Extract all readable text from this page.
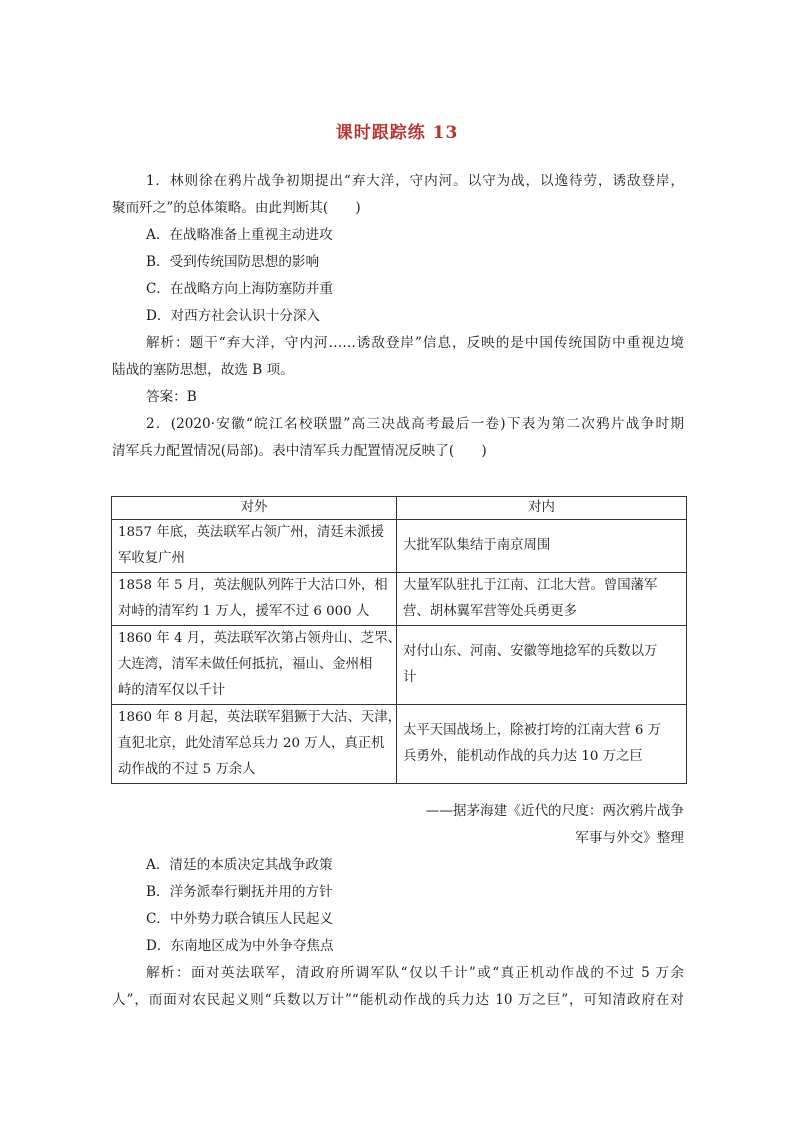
课时跟踪练 13
1．林则徐在鸦片战争初期提出“弃大洋，守内河。以守为战，以逸待劳，诱敌登岸，
聚而歼之”的总体策略。由此判断其(　　)
A．在战略准备上重视主动进攻
B．受到传统国防思想的影响
C．在战略方向上海防塞防并重
D．对西方社会认识十分深入
解析：题干“弃大洋，守内河……诱敌登岸”信息，反映的是中国传统国防中重视边境
陆战的塞防思想，故选 B 项。
答案：B
2．(2020·安徽“皖江名校联盟”高三决战高考最后一卷)下表为第二次鸦片战争时期
清军兵力配置情况(局部)。表中清军兵力配置情况反映了(　　)
对外	对内

1857 年底，英法联军占领广州，清廷未派援
军收复广州	大批军队集结于南京周围

1858 年 5 月，英法舰队列阵于大沽口外，相
对峙的清军约 1 万人，援军不过 6 000 人	大量军队驻扎于江南、江北大营。曾国藩军
营、胡林翼军营等处兵勇更多

1860 年 4 月，英法联军次第占领舟山、芝罘、
大连湾，清军未做任何抵抗，福山、金州相
峙的清军仅以千计	对付山东、河南、安徽等地捻军的兵数以万
计

1860 年 8 月起，英法联军猖獗于大沽、天津，
直犯北京，此处清军总兵力 20 万人，真正机
动作战的不过 5 万余人	太平天国战场上，除被打垮的江南大营 6 万
兵勇外，能机动作战的兵力达 10 万之巨
——据茅海建《近代的尺度：两次鸦片战争
军事与外交》整理
A．清廷的本质决定其战争政策
B．洋务派奉行剿抚并用的方针
C．中外势力联合镇压人民起义
D．东南地区成为中外争夺焦点
解析：面对英法联军，清政府所调军队“仅以千计”或“真正机动作战的不过 5 万余
人”，而面对农民起义则“兵数以万计”“能机动作战的兵力达 10 万之巨”，可知清政府在对
